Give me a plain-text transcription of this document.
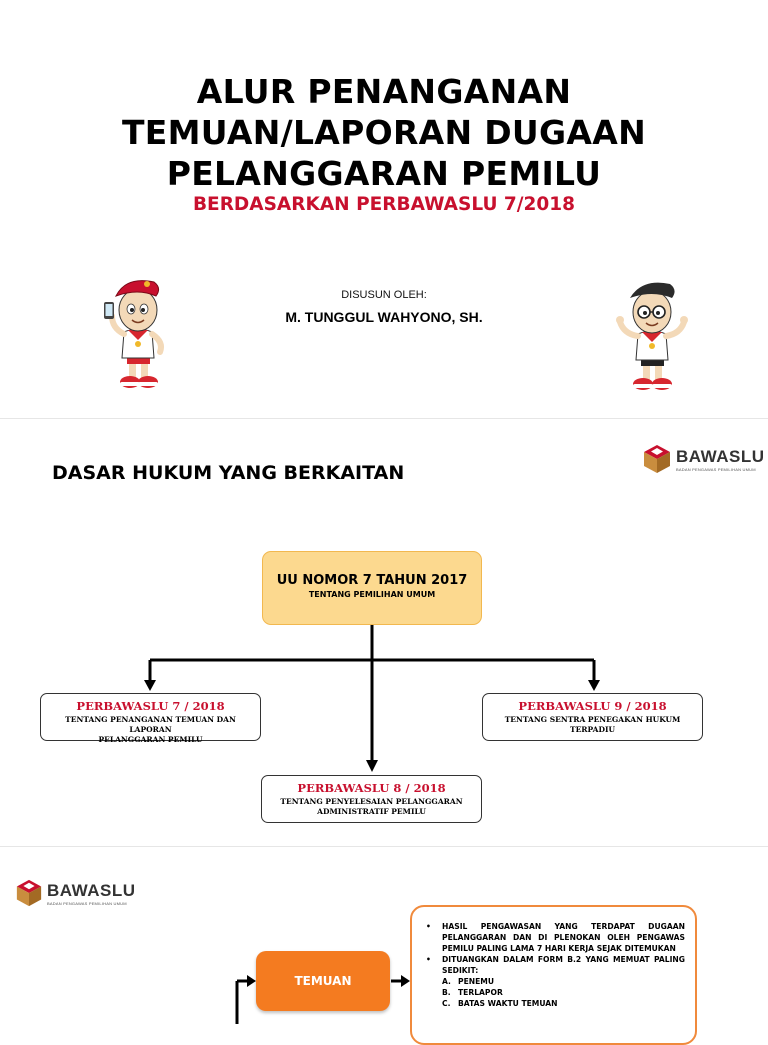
ALUR PENANGANAN
TEMUAN/LAPORAN DUGAAN
PELANGGARAN PEMILU
BERDASARKAN PERBAWASLU 7/2018
DISUSUN OLEH:
M. TUNGGUL WAHYONO, SH.
BAWASLU
BADAN PENGAWAS PEMILIHAN UMUM
DASAR HUKUM YANG BERKAITAN
UU NOMOR 7 TAHUN 2017
TENTANG PEMILIHAN UMUM
PERBAWASLU 7 / 2018
TENTANG PENANGANAN TEMUAN DAN LAPORAN
PELANGGARAN PEMILU
PERBAWASLU 9 / 2018
TENTANG SENTRA PENEGAKAN HUKUM
TERPADIU
PERBAWASLU 8 / 2018
TENTANG PENYELESAIAN PELANGGARAN
ADMINISTRATIF PEMILU
BAWASLU
BADAN PENGAWAS PEMILIHAN UMUM
TEMUAN
• HASIL PENGAWASAN YANG TERDAPAT DUGAAN PELANGGARAN DAN DI PLENOKAN OLEH PENGAWAS PEMILU PALING LAMA 7 HARI KERJA SEJAK DITEMUKAN
• DITUANGKAN DALAM FORM B.2 YANG MEMUAT PALING SEDIKIT:
A. PENEMU
B. TERLAPOR
C. BATAS WAKTU TEMUAN
